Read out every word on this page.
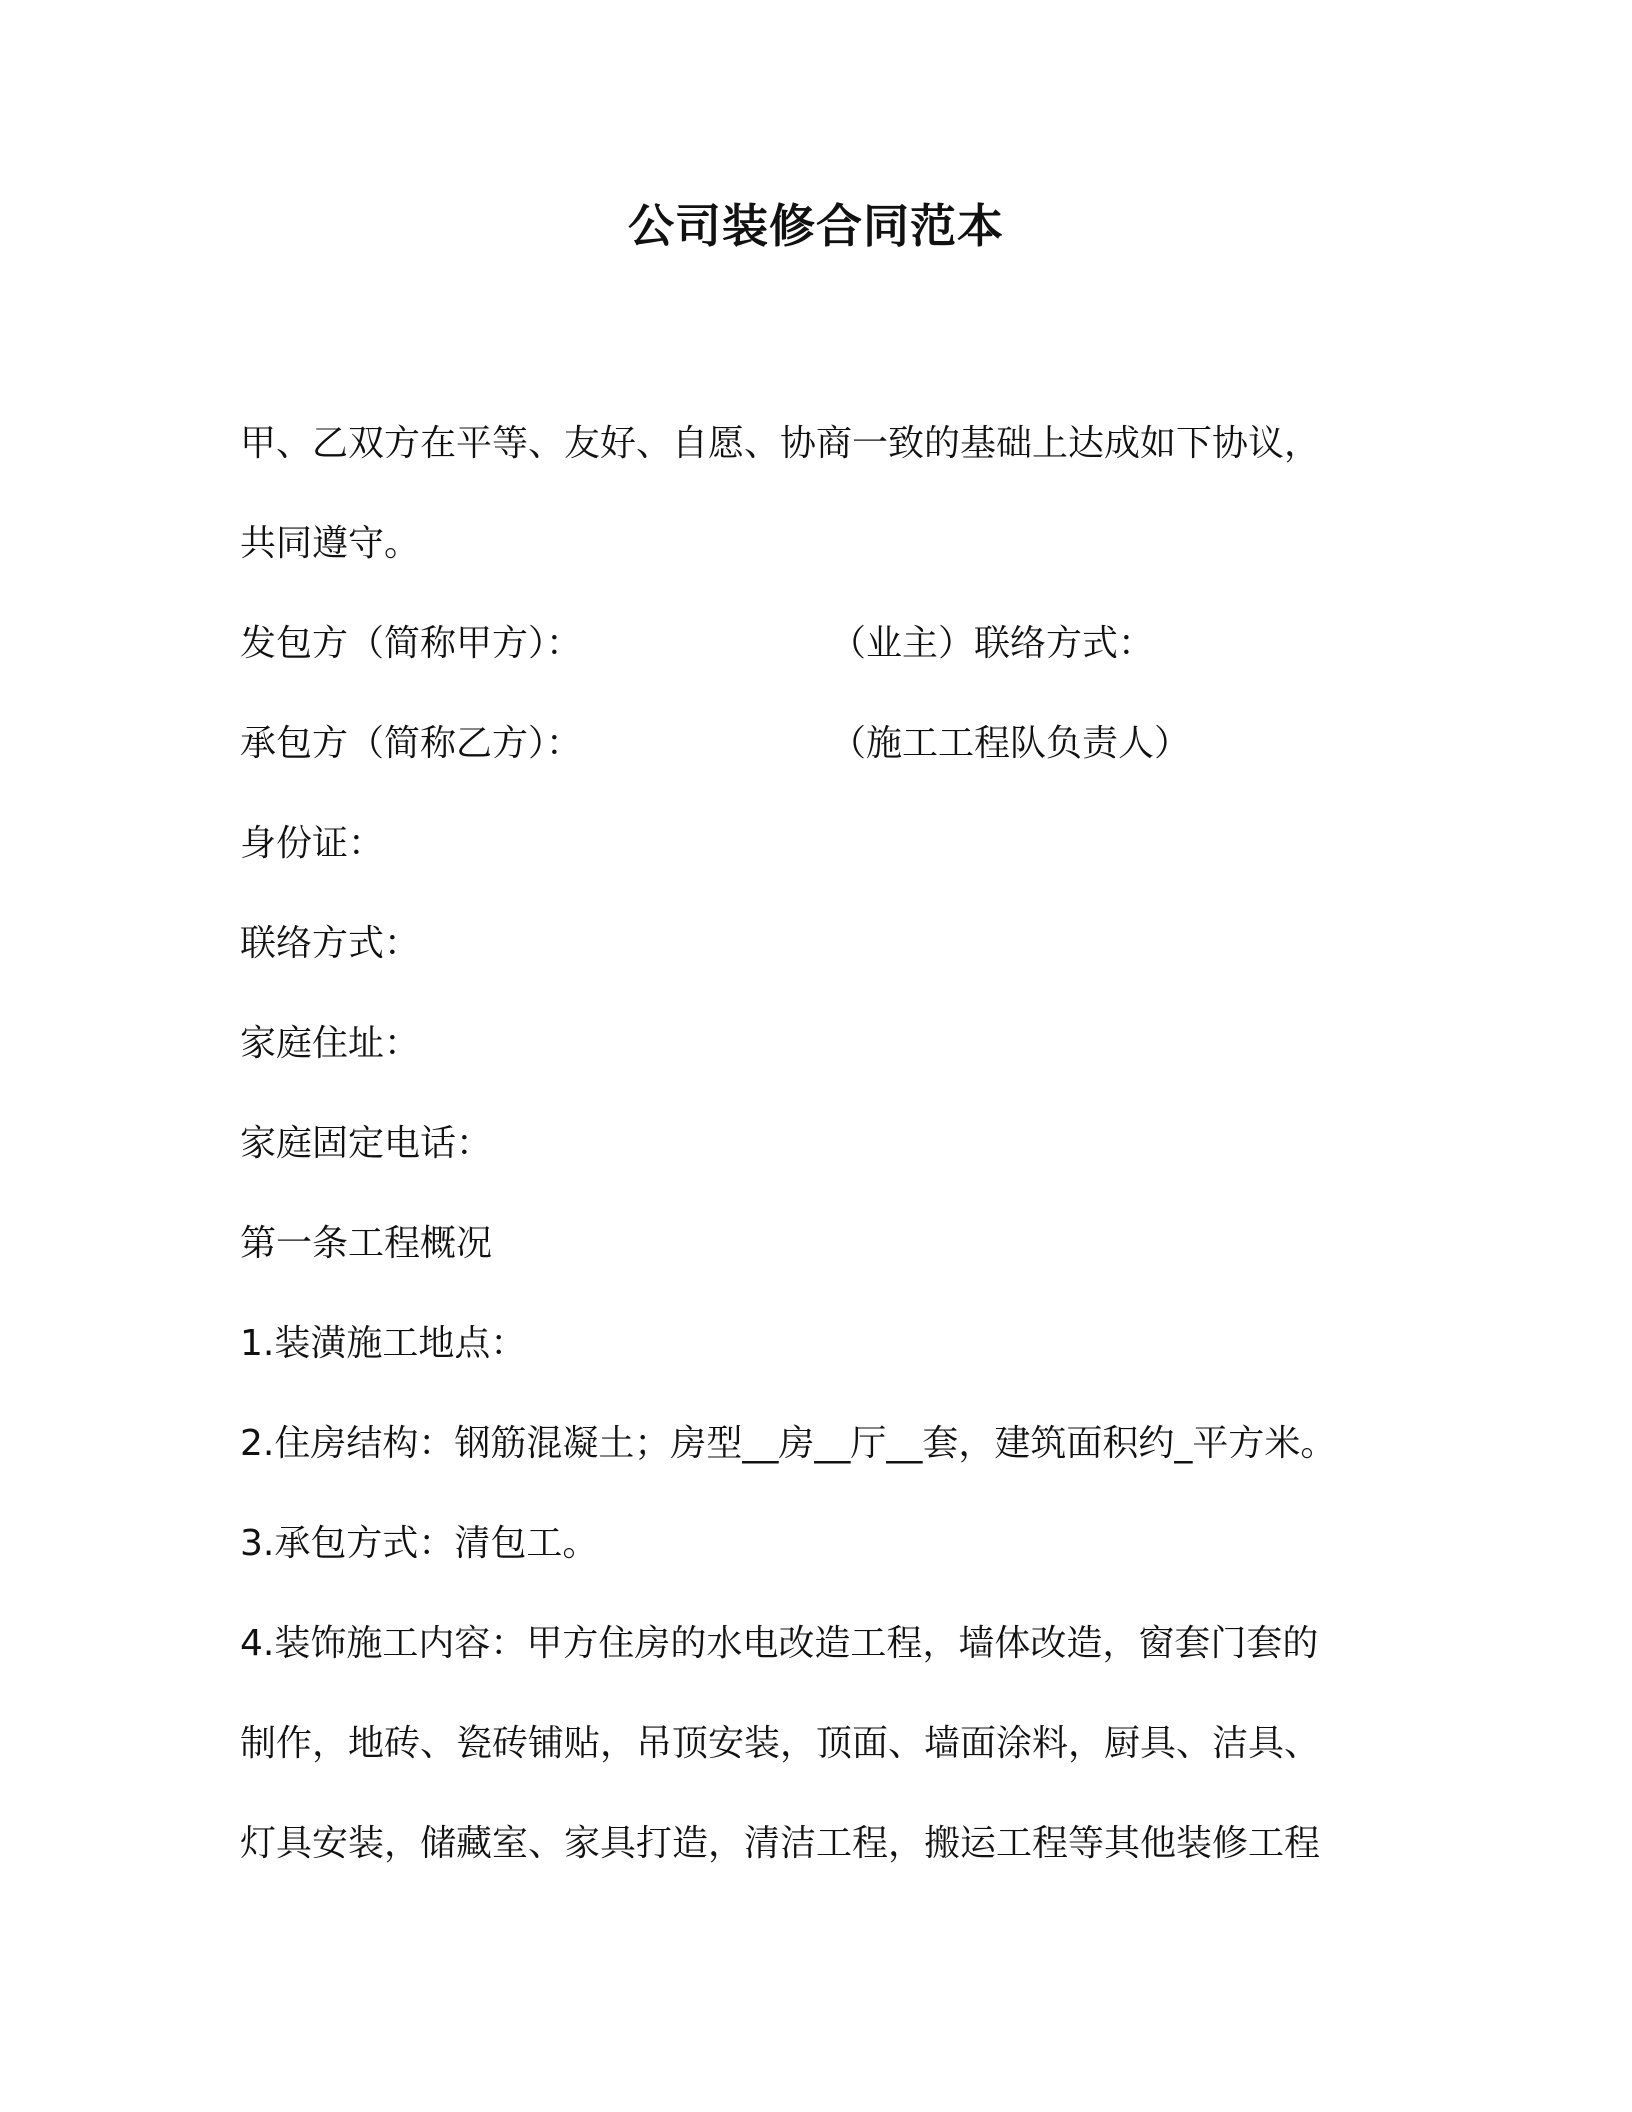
公司装修合同范本
甲、乙双方在平等、友好、自愿、协商一致的基础上达成如下协议，
共同遵守。
发包方（简称甲方）：	（业主）联络方式：
承包方（简称乙方）：	（施工工程队负责人）
身份证：
联络方式：
家庭住址：
家庭固定电话：
第一条工程概况
1.装潢施工地点：
2.住房结构：钢筋混凝土；房型__房__厅__套，建筑面积约_平方米。
3.承包方式：清包工。
4.装饰施工内容：甲方住房的水电改造工程，墙体改造，窗套门套的
制作，地砖、瓷砖铺贴，吊顶安装，顶面、墙面涂料，厨具、洁具、
灯具安装，储藏室、家具打造，清洁工程，搬运工程等其他装修工程
